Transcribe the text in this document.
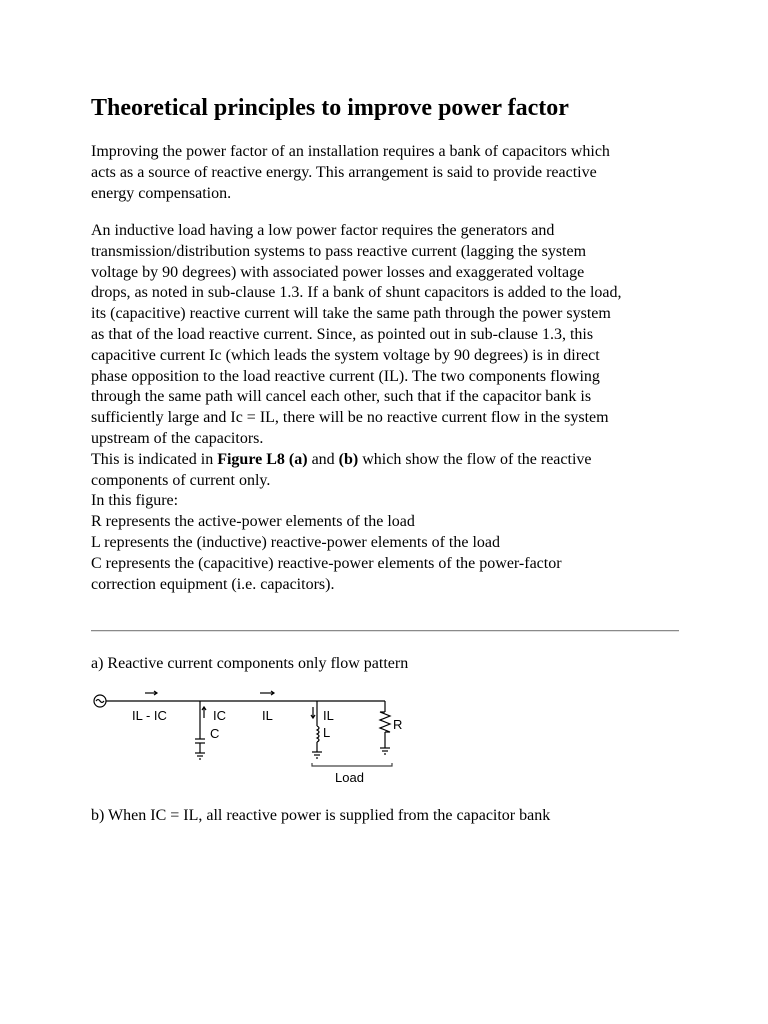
Theoretical principles to improve power factor

Improving the power factor of an installation requires a bank of capacitors which
acts as a source of reactive energy. This arrangement is said to provide reactive
energy compensation.

An inductive load having a low power factor requires the generators and
transmission/distribution systems to pass reactive current (lagging the system
voltage by 90 degrees) with associated power losses and exaggerated voltage
drops, as noted in sub-clause 1.3. If a bank of shunt capacitors is added to the load,
its (capacitive) reactive current will take the same path through the power system
as that of the load reactive current. Since, as pointed out in sub-clause 1.3, this
capacitive current Ic (which leads the system voltage by 90 degrees) is in direct
phase opposition to the load reactive current (IL). The two components flowing
through the same path will cancel each other, such that if the capacitor bank is
sufficiently large and Ic = IL, there will be no reactive current flow in the system
upstream of the capacitors.
This is indicated in Figure L8 (a) and (b) which show the flow of the reactive
components of current only.
In this figure:
R represents the active-power elements of the load
L represents the (inductive) reactive-power elements of the load
C represents the (capacitive) reactive-power elements of the power-factor
correction equipment (i.e. capacitors).

a) Reactive current components only flow pattern

IL - IC	IC
C
IL	IL
L
R
Load

b) When IC = IL, all reactive power is supplied from the capacitor bank
